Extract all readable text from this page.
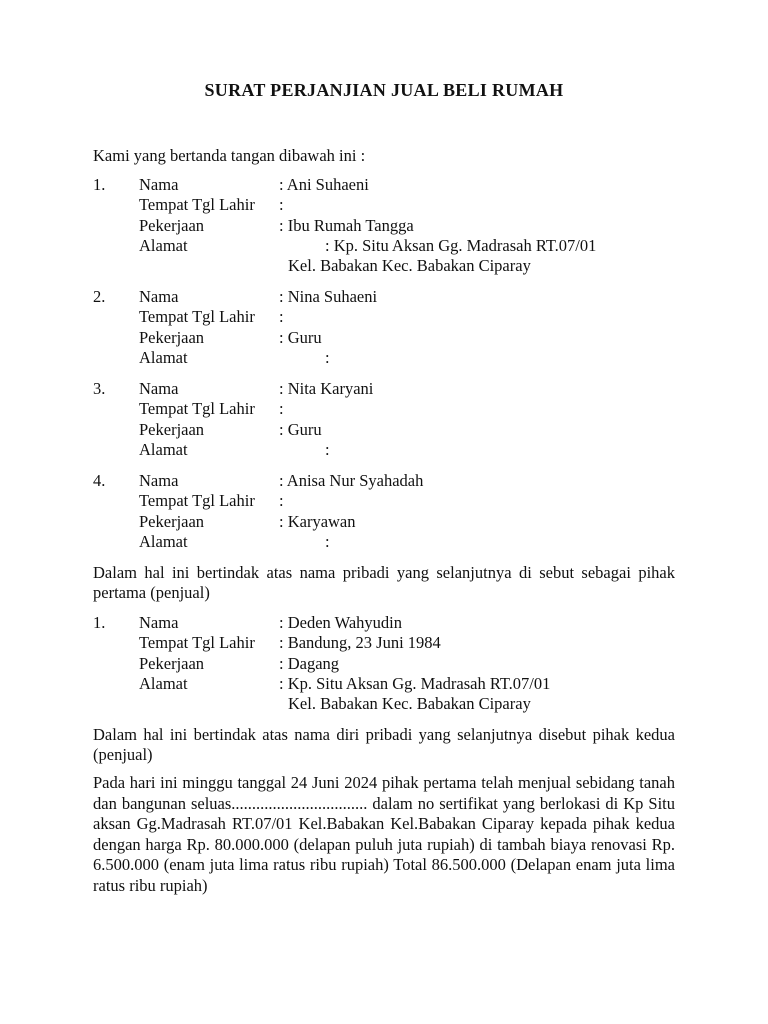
SURAT PERJANJIAN JUAL BELI RUMAH
Kami yang bertanda tangan dibawah ini :
1. Nama	: Ani Suhaeni
Tempat Tgl Lahir :
Pekerjaan	: Ibu Rumah Tangga
Alamat	: Kp. Situ Aksan Gg. Madrasah RT.07/01
Kel. Babakan Kec. Babakan Ciparay
2. Nama	: Nina Suhaeni
Tempat Tgl Lahir :
Pekerjaan	: Guru
Alamat	:
3. Nama	: Nita Karyani
Tempat Tgl Lahir :
Pekerjaan	: Guru
Alamat	:
4. Nama	: Anisa Nur Syahadah
Tempat Tgl Lahir :
Pekerjaan	: Karyawan
Alamat	:
Dalam hal ini bertindak atas nama pribadi yang selanjutnya di sebut sebagai pihak pertama (penjual)
1. Nama	: Deden Wahyudin
Tempat Tgl Lahir : Bandung, 23 Juni 1984
Pekerjaan	: Dagang
Alamat	: Kp. Situ Aksan Gg. Madrasah RT.07/01
Kel. Babakan Kec. Babakan Ciparay
Dalam hal ini bertindak atas nama diri pribadi yang selanjutnya disebut pihak kedua (penjual)
Pada hari ini minggu tanggal 24 Juni 2024 pihak pertama telah menjual sebidang tanah dan bangunan seluas................................. dalam no sertifikat yang berlokasi di Kp Situ aksan Gg.Madrasah RT.07/01 Kel.Babakan Kel.Babakan Ciparay kepada pihak kedua dengan harga Rp. 80.000.000 (delapan puluh juta rupiah) di tambah biaya renovasi Rp. 6.500.000 (enam juta lima ratus ribu rupiah) Total 86.500.000 (Delapan enam juta lima ratus ribu rupiah)
